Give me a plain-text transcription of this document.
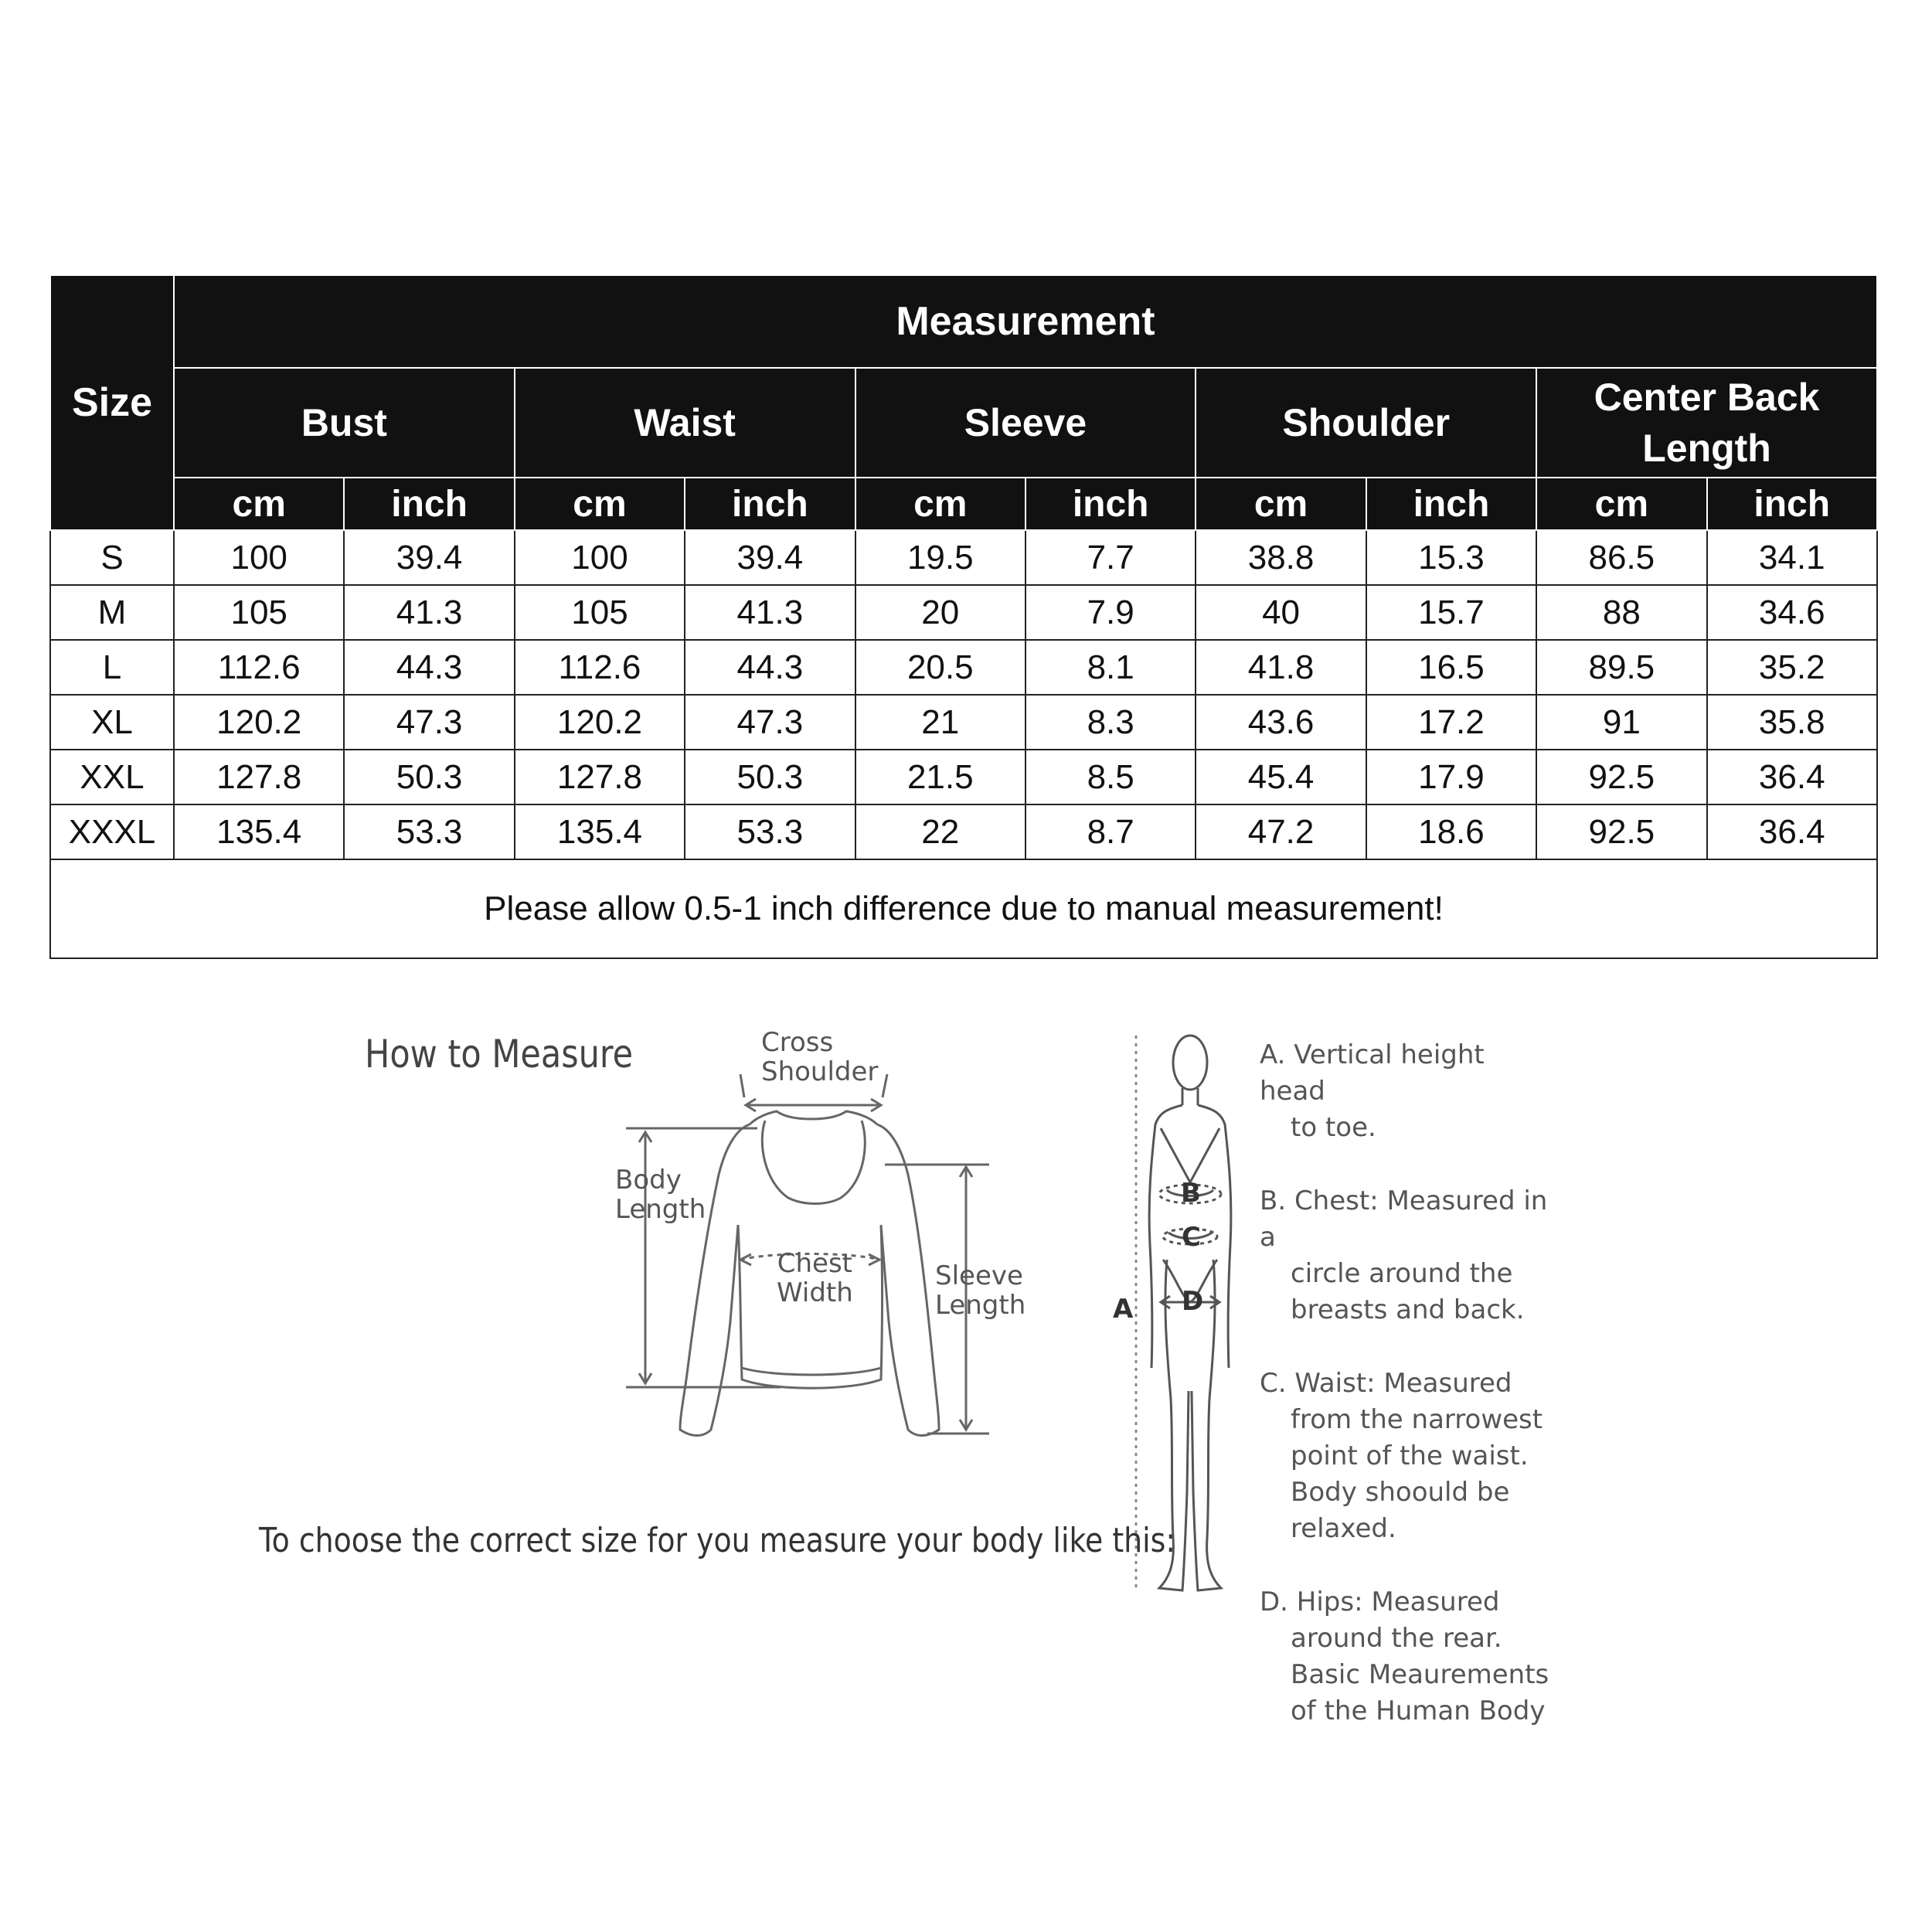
Size	Measurement									
	Bust		Waist		Sleeve		Shoulder		Center Back Length	
	cm	inch	cm	inch	cm	inch	cm	inch	cm	inch
S	100	39.4	100	39.4	19.5	7.7	38.8	15.3	86.5	34.1
M	105	41.3	105	41.3	20	7.9	40	15.7	88	34.6
L	112.6	44.3	112.6	44.3	20.5	8.1	41.8	16.5	89.5	35.2
XL	120.2	47.3	120.2	47.3	21	8.3	43.6	17.2	91	35.8
XXL	127.8	50.3	127.8	50.3	21.5	8.5	45.4	17.9	92.5	36.4
XXXL	135.4	53.3	135.4	53.3	22	8.7	47.2	18.6	92.5	36.4
Please allow 0.5-1 inch difference due to manual measurement!										
How to Measure	Cross
Shoulder
Body
Length
Chest
Width
Sleeve
Length
To choose the correct size for you measure your body like this:
B
C
D
A
A. Vertical height head
to toe.
B. Chest: Measured in a
circle around the
breasts and back.
C. Waist: Measured
from the narrowest
point of the waist.
Body shoould be
relaxed.
D. Hips: Measured
around the rear.
Basic Meaurements
of the Human Body
